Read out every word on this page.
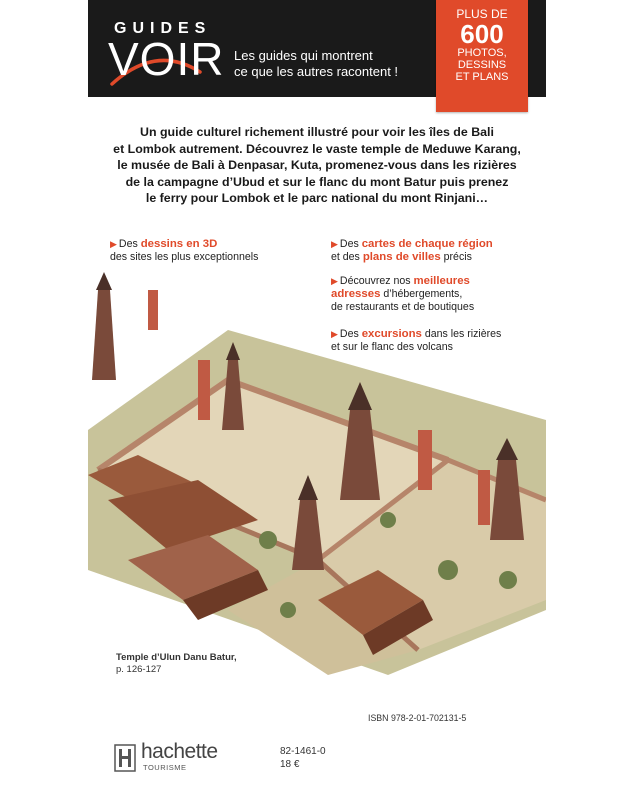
GUIDES
VOIR Les guides qui montrent
ce que les autres racontent !
PLUS DE
600
PHOTOS,
DESSINS
ET PLANS
Un guide culturel richement illustré pour voir les îles de Bali
et Lombok autrement. Découvrez le vaste temple de Meduwe Karang,
le musée de Bali à Denpasar, Kuta, promenez-vous dans les rizières
de la campagne d’Ubud et sur le flanc du mont Batur puis prenez
le ferry pour Lombok et le parc national du mont Rinjani…
▶ Des dessins en 3D
des sites les plus exceptionnels
▶ Des cartes de chaque région
et des plans de villes précis
▶ Découvrez nos meilleures
adresses d’hébergements,
de restaurants et de boutiques
▶ Des excursions dans les rizières
et sur le flanc des volcans
Temple d’Ulun Danu Batur,
p. 126-127
ISBN 978-2-01-702131-5
hachette
TOURISME
82-1461-0
18 €
